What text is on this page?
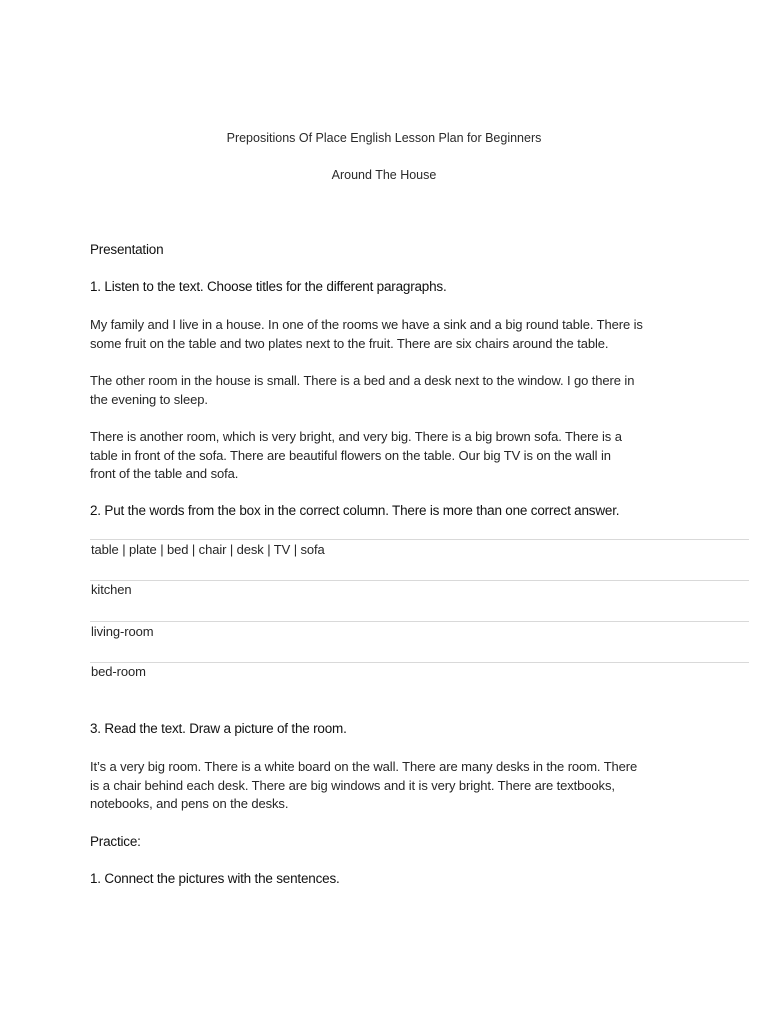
Prepositions Of Place English Lesson Plan for Beginners
Around The House
Presentation
1. Listen to the text. Choose titles for the different paragraphs.
My family and I live in a house. In one of the rooms we have a sink and a big round table. There is
some fruit on the table and two plates next to the fruit. There are six chairs around the table.
The other room in the house is small. There is a bed and a desk next to the window. I go there in
the evening to sleep.
There is another room, which is very bright, and very big. There is a big brown sofa. There is a
table in front of the sofa. There are beautiful flowers on the table. Our big TV is on the wall in
front of the table and sofa.
2. Put the words from the box in the correct column. There is more than one correct answer.
table | plate | bed | chair | desk | TV | sofa
kitchen
living-room
bed-room
3. Read the text. Draw a picture of the room.
It’s a very big room. There is a white board on the wall. There are many desks in the room. There
is a chair behind each desk. There are big windows and it is very bright. There are textbooks,
notebooks, and pens on the desks.
Practice:
1. Connect the pictures with the sentences.
